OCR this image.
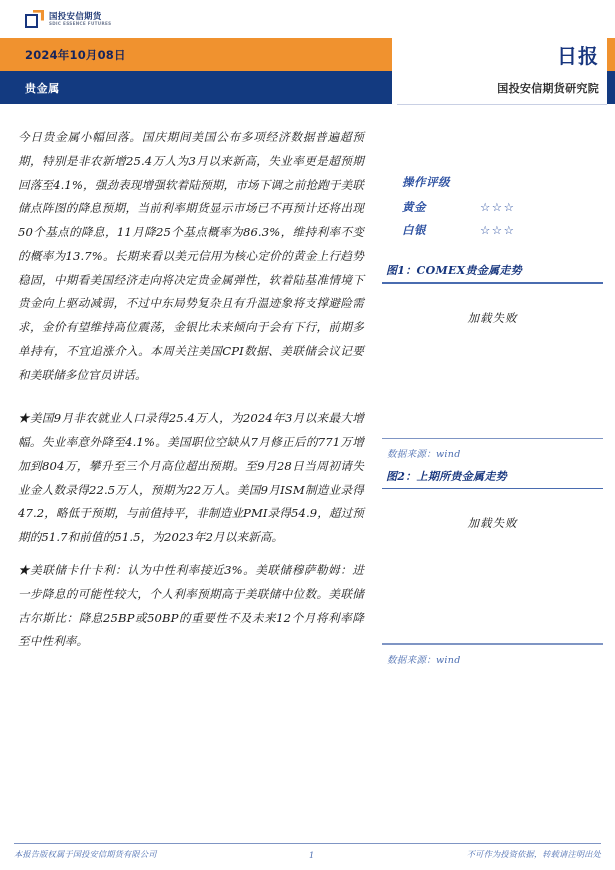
国投安信期货
SDIC ESSENCE FUTURES
2024年10月08日	日报
贵金属	国投安信期货研究院

今日贵金属小幅回落。国庆期间美国公布多项经济数据普遍超预期，特别是非农新增25.4万人为3月以来新高，失业率更是超预期回落至4.1%，强劲表现增强软着陆预期，市场下调之前抢跑于美联储点阵图的降息预期，当前利率期货显示市场已不再预计还将出现50个基点的降息，11月降25个基点概率为86.3%，维持利率不变的概率为13.7%。长期来看以美元信用为核心定价的黄金上行趋势稳固，中期看美国经济走向将决定贵金属弹性，软着陆基准情境下贵金向上驱动减弱，不过中东局势复杂且有升温迹象将支撑避险需求，金价有望维持高位震荡，金银比未来倾向于会有下行，前期多单持有，不宜追涨介入。本周关注美国CPI数据、美联储会议记要和美联储多位官员讲话。

★美国9月非农就业人口录得25.4万人，为2024年3月以来最大增幅。失业率意外降至4.1%。美国职位空缺从7月修正后的771万增加到804万，攀升至三个月高位超出预期。至9月28日当周初请失业金人数录得22.5万人，预期为22万人。美国9月ISM制造业录得47.2，略低于预期，与前值持平，非制造业PMI录得54.9，超过预期的51.7和前值的51.5，为2023年2月以来新高。

★美联储卡什卡利：认为中性利率接近3%。美联储穆萨勒姆：进一步降息的可能性较大，个人利率预期高于美联储中位数。美联储古尔斯比：降息25BP或50BP的重要性不及未来12个月将利率降至中性利率。

操作评级
黄金	☆☆☆
白银	☆☆☆
图1：COMEX贵金属走势
加载失败
数据来源：wind
图2：上期所贵金属走势
加载失败
数据来源：wind
本报告版权属于国投安信期货有限公司	1	不可作为投资依据，转载请注明出处
